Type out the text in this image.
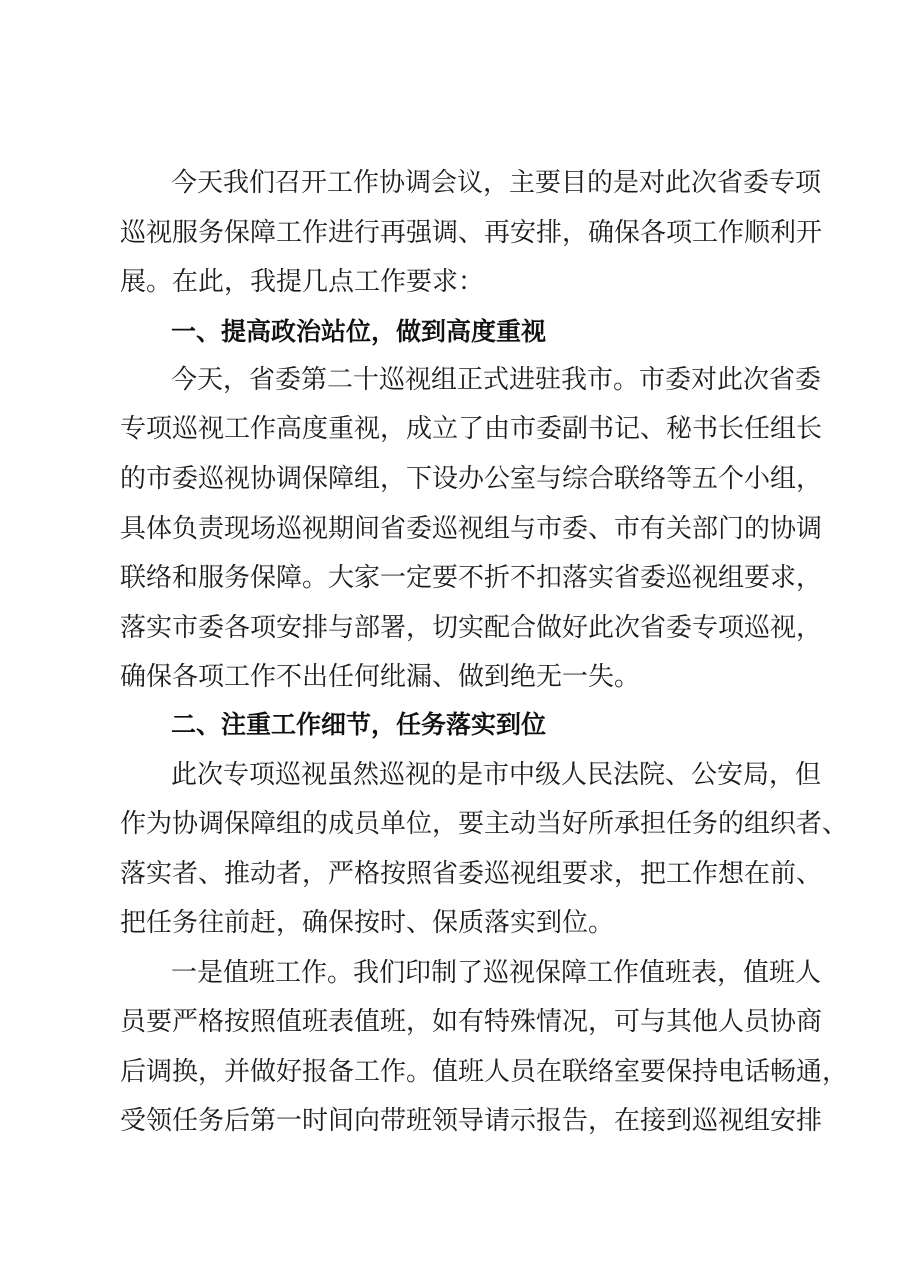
今天我们召开工作协调会议，主要目的是对此次省委专项
巡视服务保障工作进行再强调、再安排，确保各项工作顺利开
展。在此，我提几点工作要求：
一、提高政治站位，做到高度重视
今天，省委第二十巡视组正式进驻我市。市委对此次省委
专项巡视工作高度重视，成立了由市委副书记、秘书长任组长
的市委巡视协调保障组，下设办公室与综合联络等五个小组，
具体负责现场巡视期间省委巡视组与市委、市有关部门的协调
联络和服务保障。大家一定要不折不扣落实省委巡视组要求，
落实市委各项安排与部署，切实配合做好此次省委专项巡视，
确保各项工作不出任何纰漏、做到绝无一失。
二、注重工作细节，任务落实到位
此次专项巡视虽然巡视的是市中级人民法院、公安局，但
作为协调保障组的成员单位，要主动当好所承担任务的组织者、
落实者、推动者，严格按照省委巡视组要求，把工作想在前、
把任务往前赶，确保按时、保质落实到位。
一是值班工作。我们印制了巡视保障工作值班表，值班人
员要严格按照值班表值班，如有特殊情况，可与其他人员协商
后调换，并做好报备工作。值班人员在联络室要保持电话畅通，
受领任务后第一时间向带班领导请示报告，在接到巡视组安排
